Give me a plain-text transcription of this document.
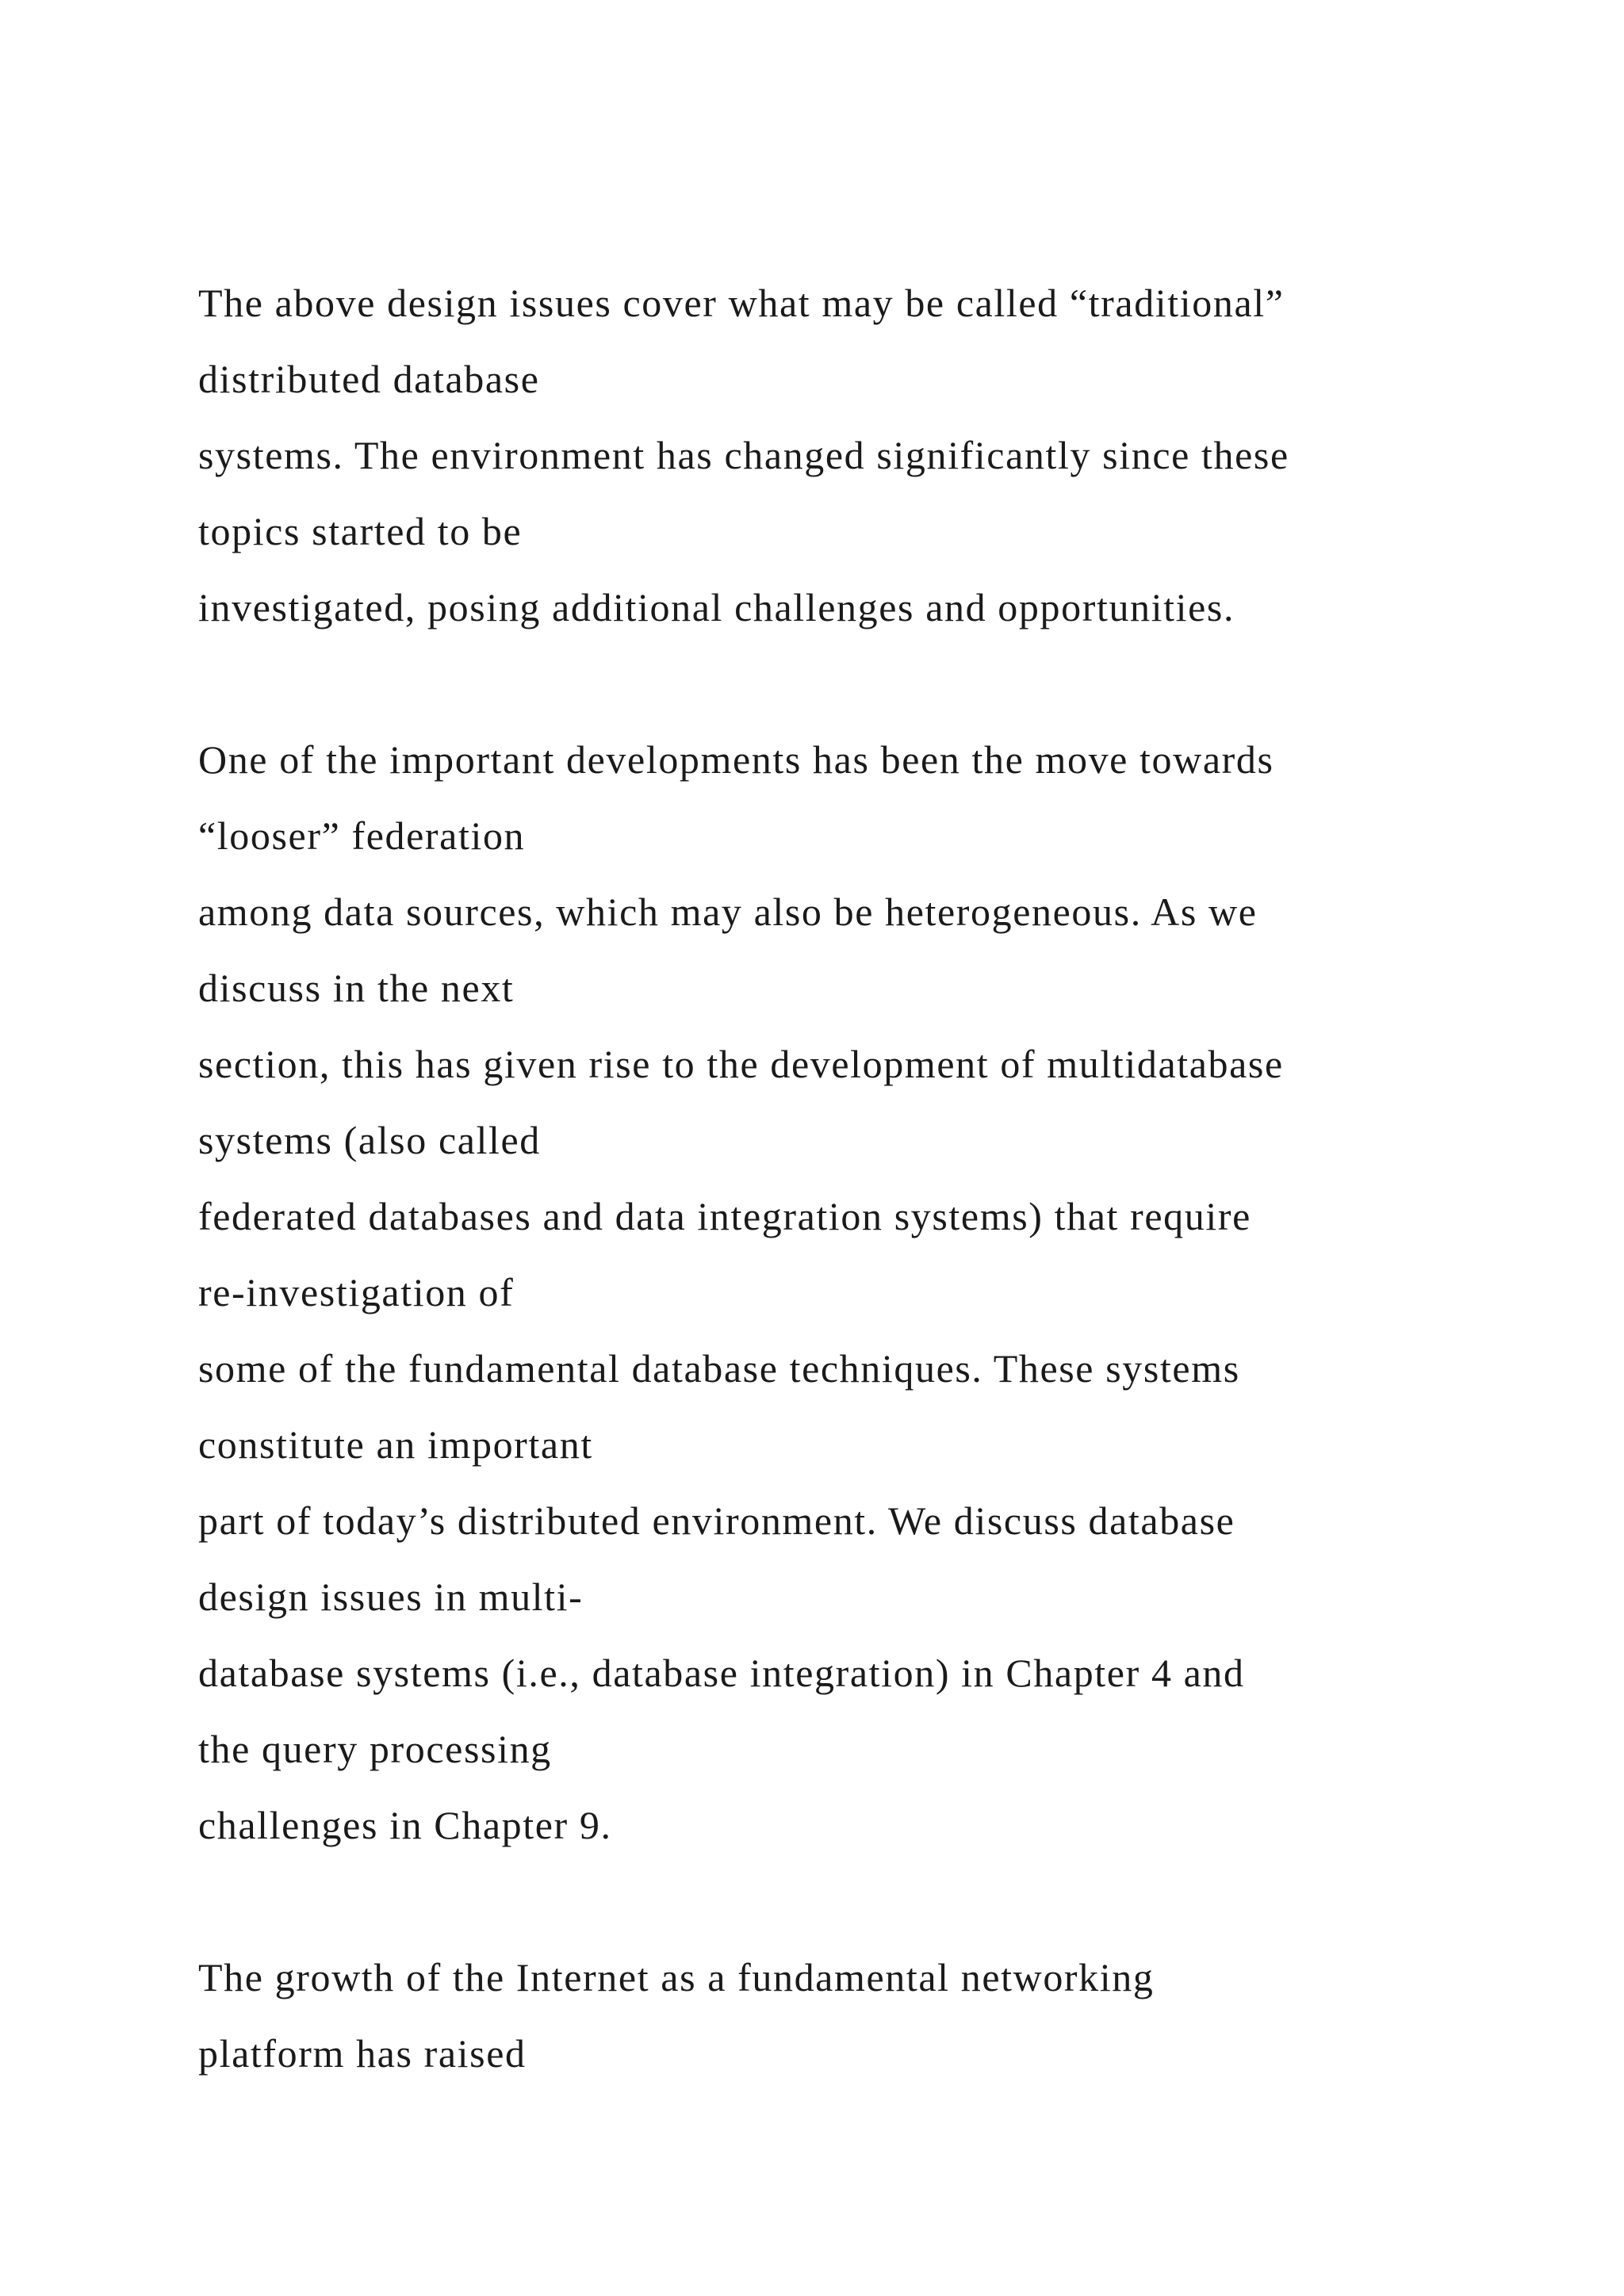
The above design issues cover what may be called “traditional”
distributed database
systems. The environment has changed significantly since these
topics started to be
investigated, posing additional challenges and opportunities.
One of the important developments has been the move towards
“looser” federation
among data sources, which may also be heterogeneous. As we
discuss in the next
section, this has given rise to the development of multidatabase
systems (also called
federated databases and data integration systems) that require
re-investigation of
some of the fundamental database techniques. These systems
constitute an important
part of today’s distributed environment. We discuss database
design issues in multi-
database systems (i.e., database integration) in Chapter 4 and
the query processing
challenges in Chapter 9.
The growth of the Internet as a fundamental networking
platform has raised
